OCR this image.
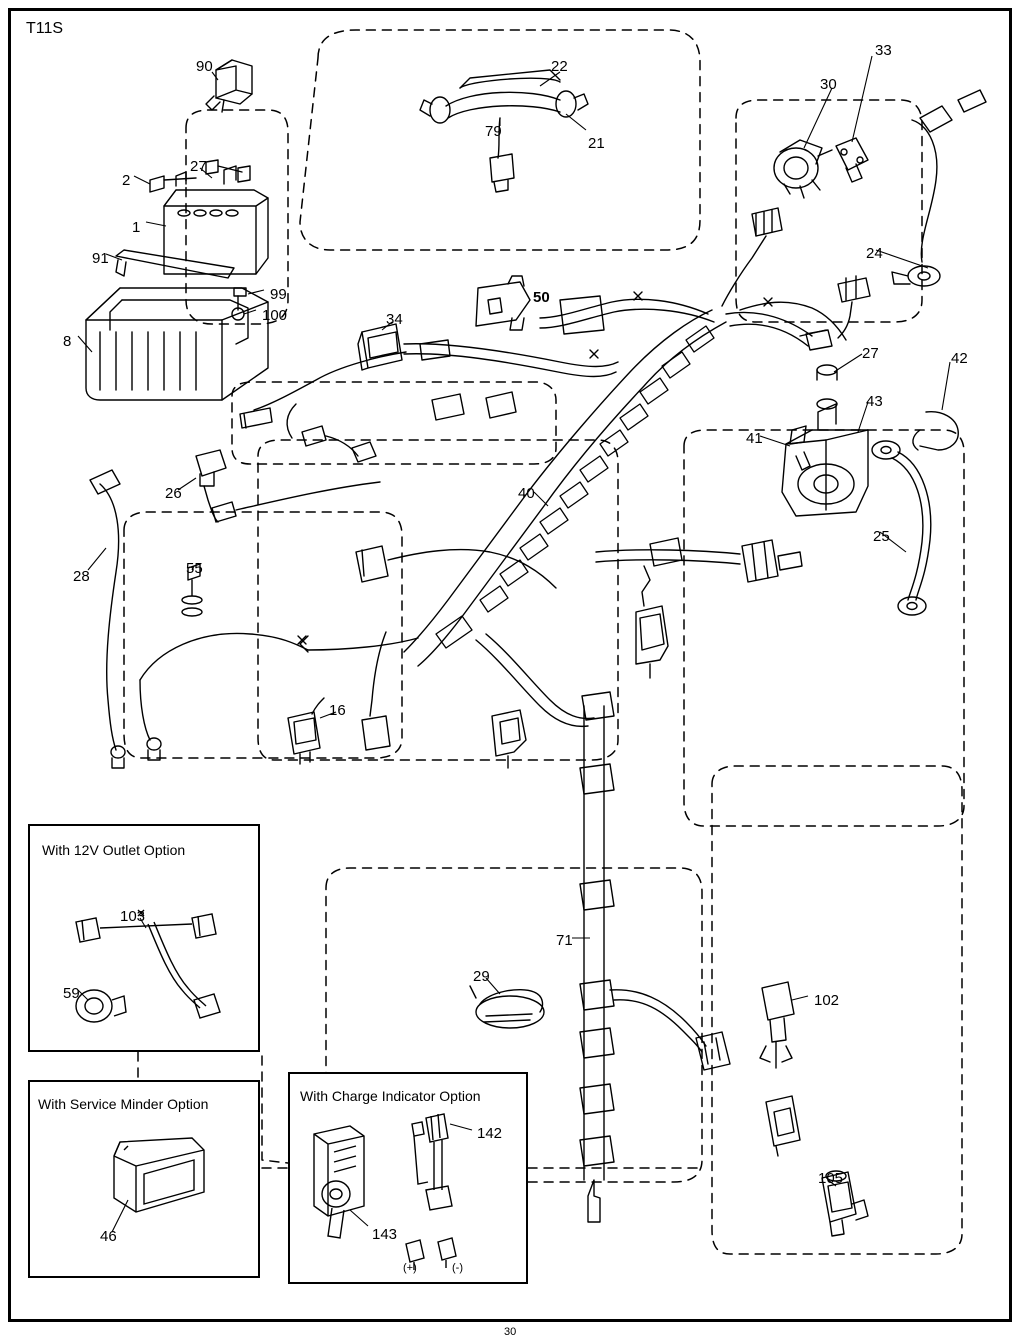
T11S
With 12V Outlet Option
With Service Minder Option	With Charge Indicator Option
90	22
33
30
79
21
27
2
1
24
91
99
100
50
8
34
27	42
43
41
26	40
25
28	55
16
71
29
102
105
103
59
46
142
143
(+)	(-)
30
